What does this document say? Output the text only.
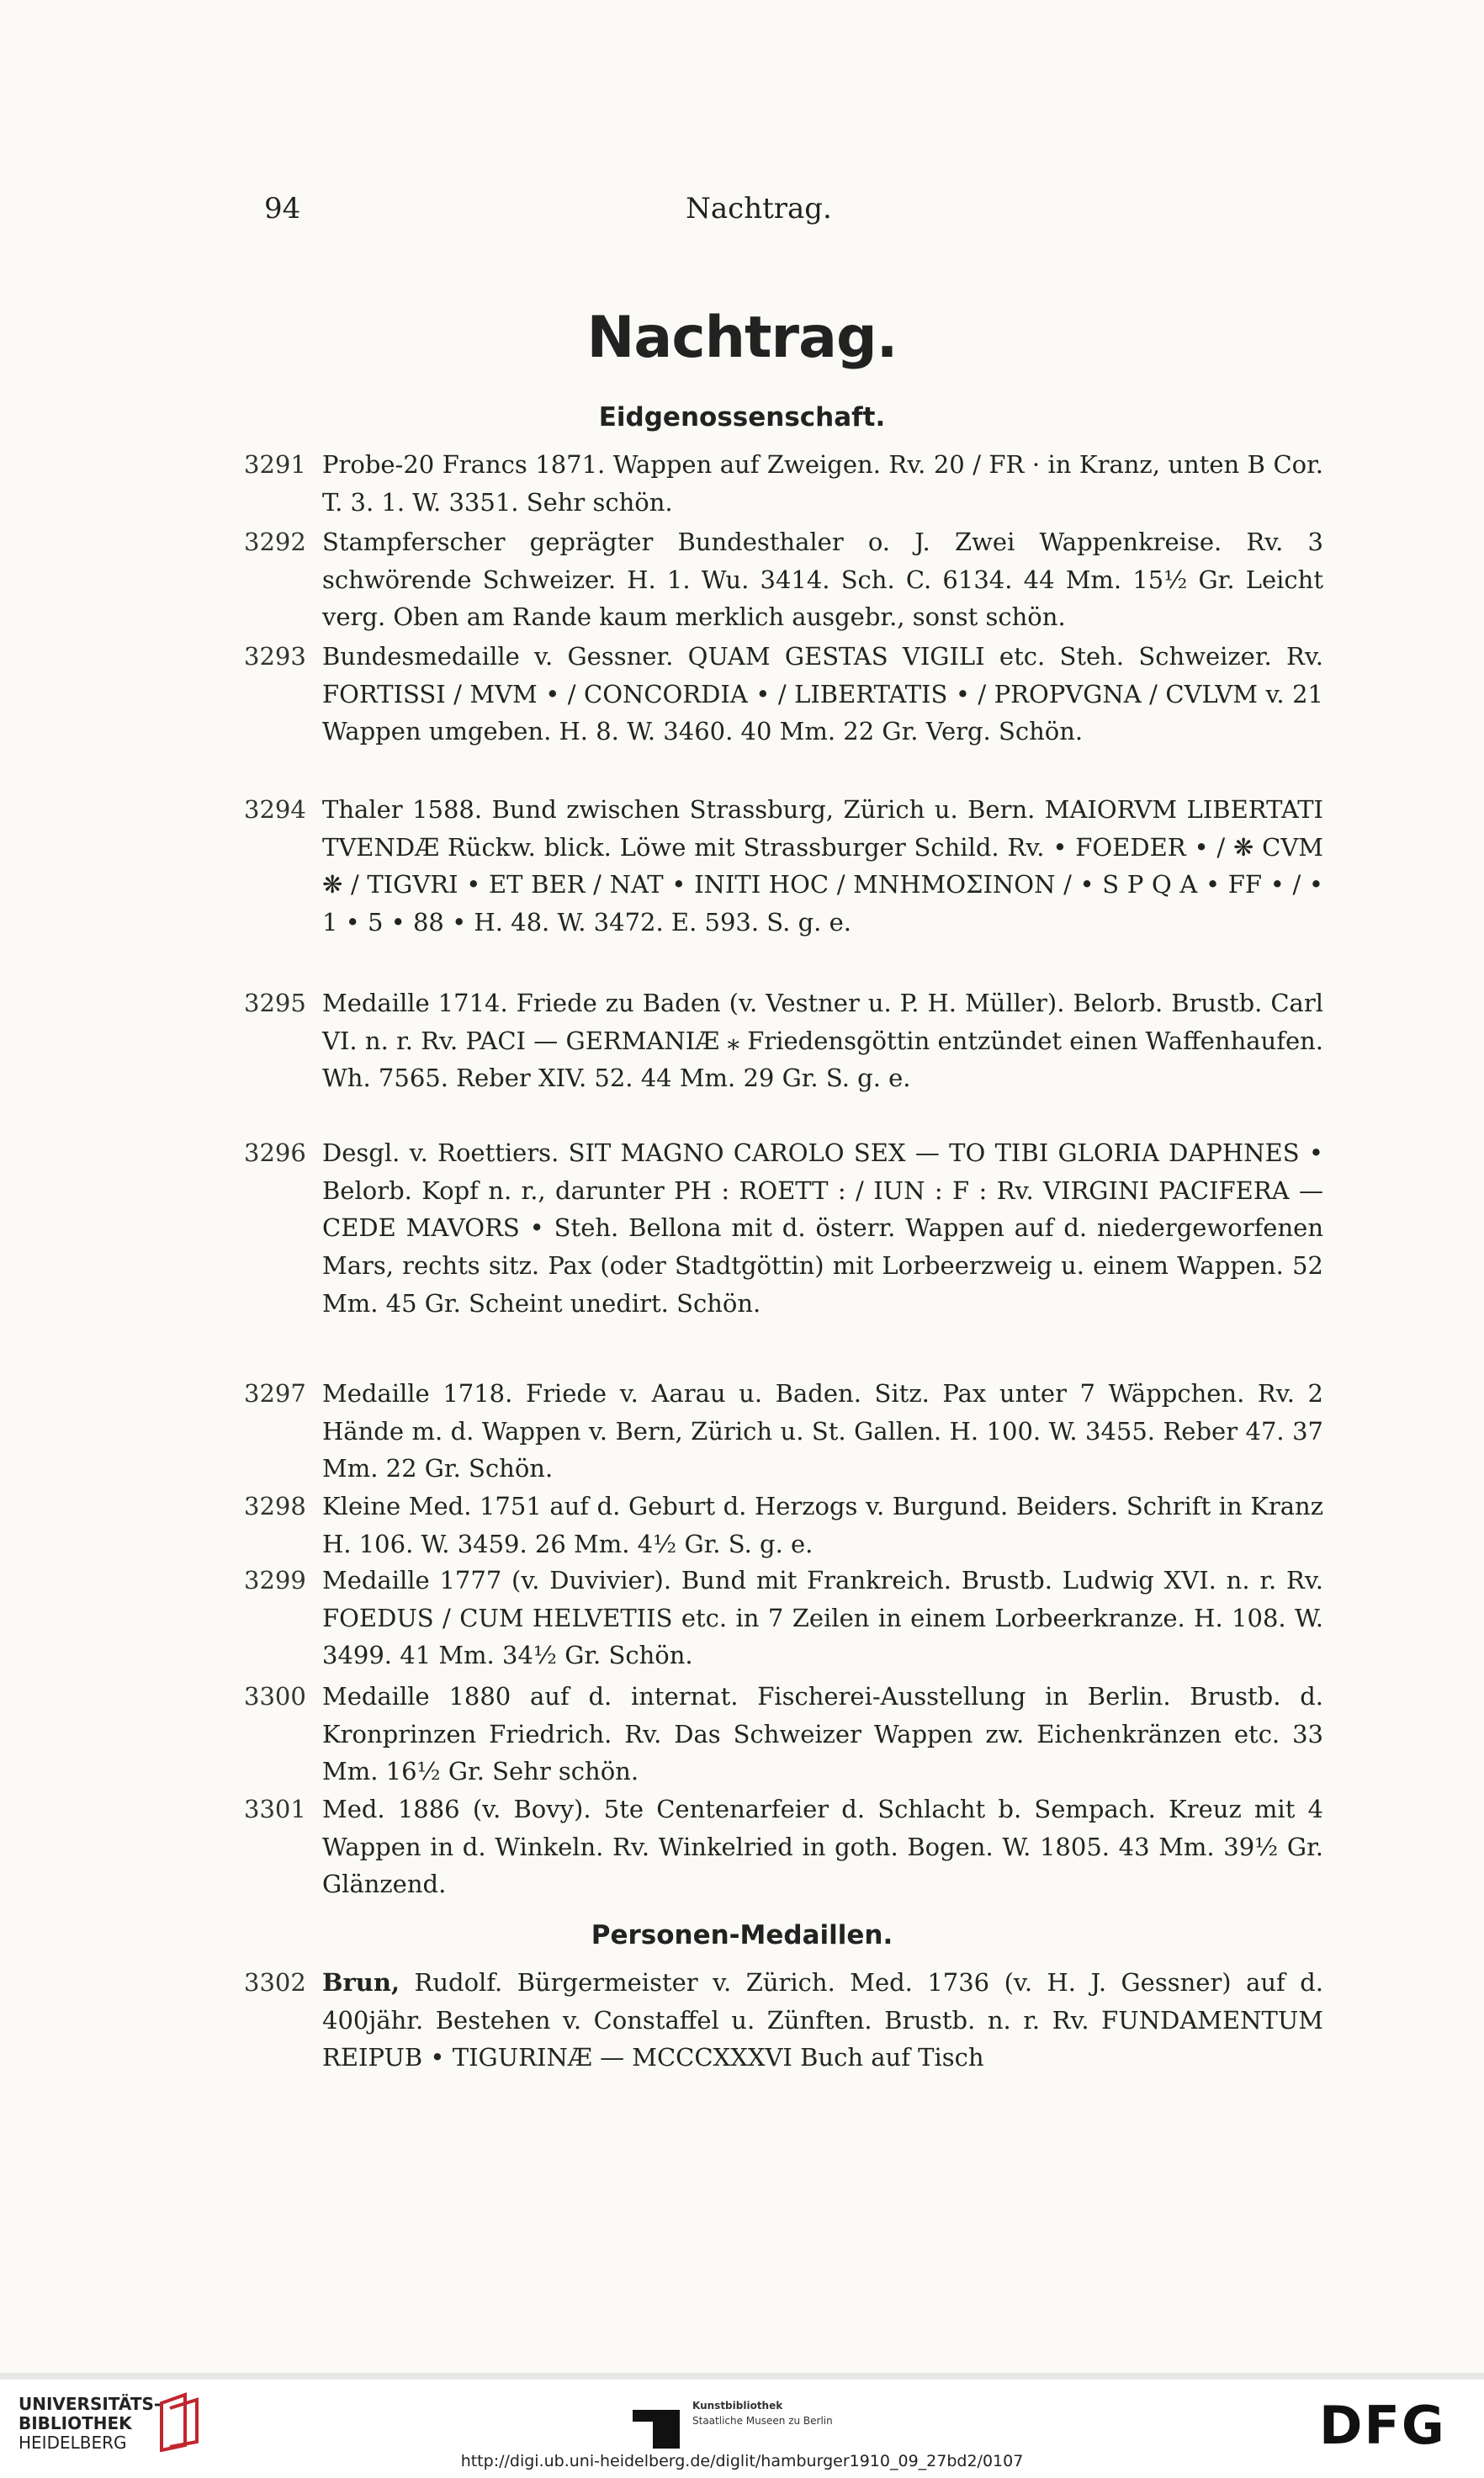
94	Nachtrag.
Nachtrag.
Eidgenossenschaft.
3291 Probe-20 Francs 1871. Wappen auf Zweigen. Rv. 20 / FR · in Kranz, unten B Cor. T. 3. 1. W. 3351. Sehr schön.

3292 Stampferscher geprägter Bundesthaler o. J. Zwei Wappenkreise. Rv. 3 schwörende Schweizer. H. 1. Wu. 3414. Sch. C. 6134. 44 Mm. 15½ Gr. Leicht verg. Oben am Rande kaum merklich ausgebr., sonst schön.

3293 Bundesmedaille v. Gessner. QUAM GESTAS VIGILI etc. Steh. Schweizer. Rv. FORTISSI / MVM • / CONCORDIA • / LIBERTATIS • / PROPVGNA / CVLVM v. 21 Wappen umgeben. H. 8. W. 3460. 40 Mm. 22 Gr. Verg. Schön.

3294 Thaler 1588. Bund zwischen Strassburg, Zürich u. Bern. MAIORVM LIBERTATI TVENDÆ Rückw. blick. Löwe mit Strassburger Schild. Rv. • FOEDER • / ❋ CVM ❋ / TIGVRI • ET BER / NAT • INITI HOC / MNHMOΣINON / • S P Q A • FF • / • 1 • 5 • 88 • H. 48. W. 3472. E. 593. S. g. e.

3295 Medaille 1714. Friede zu Baden (v. Vestner u. P. H. Müller). Belorb. Brustb. Carl VI. n. r. Rv. PACI — GERMANIÆ ⁎ Friedensgöttin entzündet einen Waffenhaufen. Wh. 7565. Reber XIV. 52. 44 Mm. 29 Gr. S. g. e.

3296 Desgl. v. Roettiers. SIT MAGNO CAROLO SEX — TO TIBI GLORIA DAPHNES • Belorb. Kopf n. r., darunter PH : ROETT : / IUN : F : Rv. VIRGINI PACIFERA — CEDE MAVORS • Steh. Bellona mit d. österr. Wappen auf d. niedergeworfenen Mars, rechts sitz. Pax (oder Stadtgöttin) mit Lorbeerzweig u. einem Wappen. 52 Mm. 45 Gr. Scheint unedirt. Schön.

3297 Medaille 1718. Friede v. Aarau u. Baden. Sitz. Pax unter 7 Wäppchen. Rv. 2 Hände m. d. Wappen v. Bern, Zürich u. St. Gallen. H. 100. W. 3455. Reber 47. 37 Mm. 22 Gr. Schön.

3298 Kleine Med. 1751 auf d. Geburt d. Herzogs v. Burgund. Beiders. Schrift in Kranz H. 106. W. 3459. 26 Mm. 4½ Gr. S. g. e.

3299 Medaille 1777 (v. Duvivier). Bund mit Frankreich. Brustb. Ludwig XVI. n. r. Rv. FOEDUS / CUM HELVETIIS etc. in 7 Zeilen in einem Lorbeerkranze. H. 108. W. 3499. 41 Mm. 34½ Gr. Schön.

3300 Medaille 1880 auf d. internat. Fischerei-Ausstellung in Berlin. Brustb. d. Kronprinzen Friedrich. Rv. Das Schweizer Wappen zw. Eichenkränzen etc. 33 Mm. 16½ Gr. Sehr schön.

3301 Med. 1886 (v. Bovy). 5te Centenarfeier d. Schlacht b. Sempach. Kreuz mit 4 Wappen in d. Winkeln. Rv. Winkelried in goth. Bogen. W. 1805. 43 Mm. 39½ Gr. Glänzend.

Personen-Medaillen.
3302 Brun, Rudolf. Bürgermeister v. Zürich. Med. 1736 (v. H. J. Gessner) auf d. 400jähr. Bestehen v. Constaffel u. Zünften. Brustb. n. r. Rv. FUNDAMENTUM REIPUB • TIGURINÆ — MCCCXXXVI Buch auf Tisch

UNIVERSITÄTS-
BIBLIOTHEK
HEIDELBERG
Kunstbibliothek
Staatliche Museen zu Berlin	DFG
http://digi.ub.uni-heidelberg.de/diglit/hamburger1910_09_27bd2/0107
